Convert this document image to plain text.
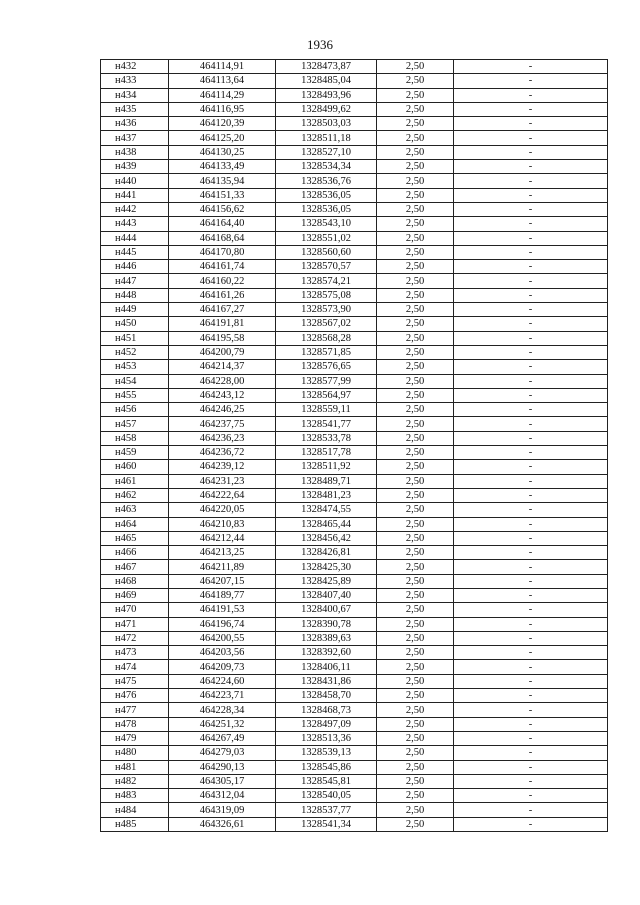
1936
н432	464114,91	1328473,87	2,50	-
н433	464113,64	1328485,04	2,50	-
н434	464114,29	1328493,96	2,50	-
н435	464116,95	1328499,62	2,50	-
н436	464120,39	1328503,03	2,50	-
н437	464125,20	1328511,18	2,50	-
н438	464130,25	1328527,10	2,50	-
н439	464133,49	1328534,34	2,50	-
н440	464135,94	1328536,76	2,50	-
н441	464151,33	1328536,05	2,50	-
н442	464156,62	1328536,05	2,50	-
н443	464164,40	1328543,10	2,50	-
н444	464168,64	1328551,02	2,50	-
н445	464170,80	1328560,60	2,50	-
н446	464161,74	1328570,57	2,50	-
н447	464160,22	1328574,21	2,50	-
н448	464161,26	1328575,08	2,50	-
н449	464167,27	1328573,90	2,50	-
н450	464191,81	1328567,02	2,50	-
н451	464195,58	1328568,28	2,50	-
н452	464200,79	1328571,85	2,50	-
н453	464214,37	1328576,65	2,50	-
н454	464228,00	1328577,99	2,50	-
н455	464243,12	1328564,97	2,50	-
н456	464246,25	1328559,11	2,50	-
н457	464237,75	1328541,77	2,50	-
н458	464236,23	1328533,78	2,50	-
н459	464236,72	1328517,78	2,50	-
н460	464239,12	1328511,92	2,50	-
н461	464231,23	1328489,71	2,50	-
н462	464222,64	1328481,23	2,50	-
н463	464220,05	1328474,55	2,50	-
н464	464210,83	1328465,44	2,50	-
н465	464212,44	1328456,42	2,50	-
н466	464213,25	1328426,81	2,50	-
н467	464211,89	1328425,30	2,50	-
н468	464207,15	1328425,89	2,50	-
н469	464189,77	1328407,40	2,50	-
н470	464191,53	1328400,67	2,50	-
н471	464196,74	1328390,78	2,50	-
н472	464200,55	1328389,63	2,50	-
н473	464203,56	1328392,60	2,50	-
н474	464209,73	1328406,11	2,50	-
н475	464224,60	1328431,86	2,50	-
н476	464223,71	1328458,70	2,50	-
н477	464228,34	1328468,73	2,50	-
н478	464251,32	1328497,09	2,50	-
н479	464267,49	1328513,36	2,50	-
н480	464279,03	1328539,13	2,50	-
н481	464290,13	1328545,86	2,50	-
н482	464305,17	1328545,81	2,50	-
н483	464312,04	1328540,05	2,50	-
н484	464319,09	1328537,77	2,50	-
н485	464326,61	1328541,34	2,50	-
